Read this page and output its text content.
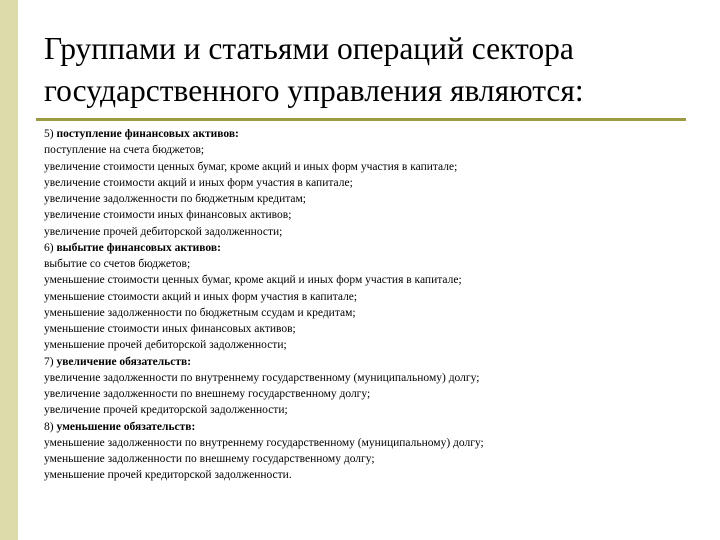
Группами и статьями операций сектора
государственного управления являются:
5) поступление финансовых активов:
поступление на счета бюджетов;
увеличение стоимости ценных бумаг, кроме акций и иных форм участия в капитале;
увеличение стоимости акций и иных форм участия в капитале;
увеличение задолженности по бюджетным кредитам;
увеличение стоимости иных финансовых активов;
увеличение прочей дебиторской задолженности;
6) выбытие финансовых активов:
выбытие со счетов бюджетов;
уменьшение стоимости ценных бумаг, кроме акций и иных форм участия в капитале;
уменьшение стоимости акций и иных форм участия в капитале;
уменьшение задолженности по бюджетным ссудам и кредитам;
уменьшение стоимости иных финансовых активов;
уменьшение прочей дебиторской задолженности;
7) увеличение обязательств:
увеличение задолженности по внутреннему государственному (муниципальному) долгу;
увеличение задолженности по внешнему государственному долгу;
увеличение прочей кредиторской задолженности;
8) уменьшение обязательств:
уменьшение задолженности по внутреннему государственному (муниципальному) долгу;
уменьшение задолженности по внешнему государственному долгу;
уменьшение прочей кредиторской задолженности.
